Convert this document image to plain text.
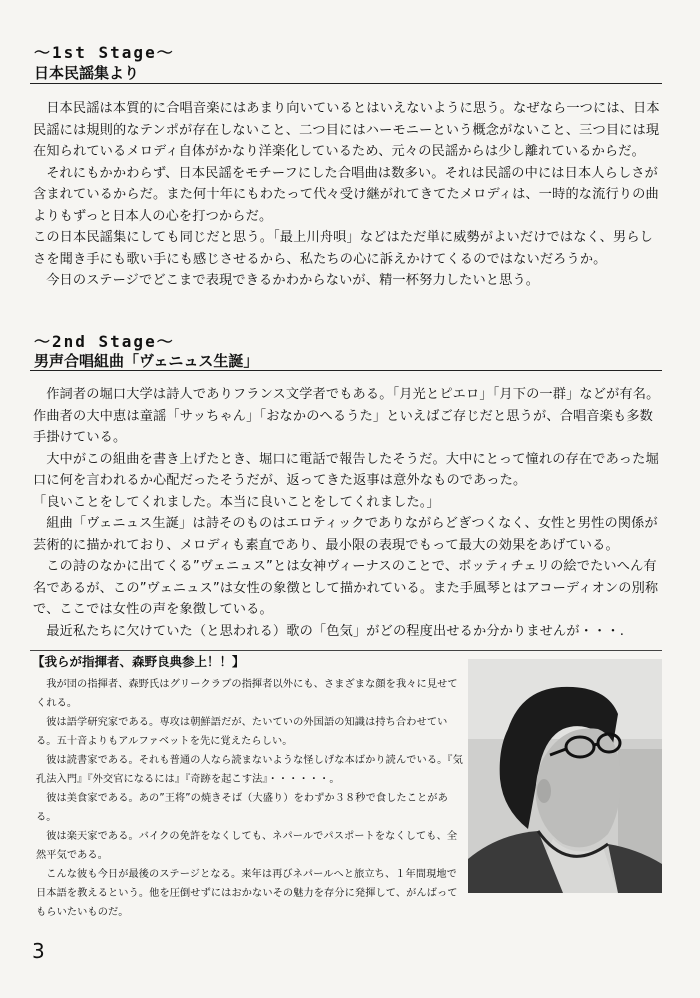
～1st Stage～
日本民謡集より

日本民謡は本質的に合唱音楽にはあまり向いているとはいえないように思う。なぜなら一つには、日本民謡には規則的なテンポが存在しないこと、二つ目にはハーモニーという概念がないこと、三つ目には現在知られているメロディ自体がかなり洋楽化しているため、元々の民謡からは少し離れているからだ。

それにもかかわらず、日本民謡をモチーフにした合唱曲は数多い。それは民謡の中には日本人らしさが含まれているからだ。また何十年にもわたって代々受け継がれてきてたメロディは、一時的な流行りの曲よりもずっと日本人の心を打つからだ。

この日本民謡集にしても同じだと思う。「最上川舟唄」などはただ単に威勢がよいだけではなく、男らしさを聞き手にも歌い手にも感じさせるから、私たちの心に訴えかけてくるのではないだろうか。

今日のステージでどこまで表現できるかわからないが、精一杯努力したいと思う。

～2nd Stage～
男声合唱組曲「ヴェニュス生誕」

作詞者の堀口大学は詩人でありフランス文学者でもある。「月光とピエロ」「月下の一群」などが有名。作曲者の大中恵は童謡「サッちゃん」「おなかのへるうた」といえばご存じだと思うが、合唱音楽も多数手掛けている。

大中がこの組曲を書き上げたとき、堀口に電話で報告したそうだ。大中にとって憧れの存在であった堀口に何を言われるか心配だったそうだが、返ってきた返事は意外なものであった。

「良いことをしてくれました。本当に良いことをしてくれました。」

組曲「ヴェニュス生誕」は詩そのものはエロティックでありながらどぎつくなく、女性と男性の関係が芸術的に描かれており、メロディも素直であり、最小限の表現でもって最大の効果をあげている。

この詩のなかに出てくる”ヴェニュス”とは女神ヴィーナスのことで、ボッティチェリの絵でたいへん有名であるが、この”ヴェニュス”は女性の象徴として描かれている。また手風琴とはアコーディオンの別称で、ここでは女性の声を象徴している。

最近私たちに欠けていた（と思われる）歌の「色気」がどの程度出せるか分かりませんが・・・.

【我らが指揮者、森野良典参上！！】

我が団の指揮者、森野氏はグリークラブの指揮者以外にも、さまざまな顔を我々に見せてくれる。

彼は語学研究家である。専攻は朝鮮語だが、たいていの外国語の知識は持ち合わせている。五十音よりもアルファベットを先に覚えたらしい。

彼は読書家である。それも普通の人なら読まないような怪しげな本ばかり読んでいる。『気孔法入門』『外交官になるには』『奇跡を起こす法』・・・・・・。

彼は美食家である。あの”王将”の焼きそば（大盛り）をわずか３８秒で食したことがある。

彼は楽天家である。バイクの免許をなくしても、ネパールでパスポートをなくしても、全然平気である。

こんな彼も今日が最後のステージとなる。来年は再びネパールへと旅立ち、１年間現地で日本語を教えるという。他を圧倒せずにはおかないその魅力を存分に発揮して、がんばってもらいたいものだ。

3
